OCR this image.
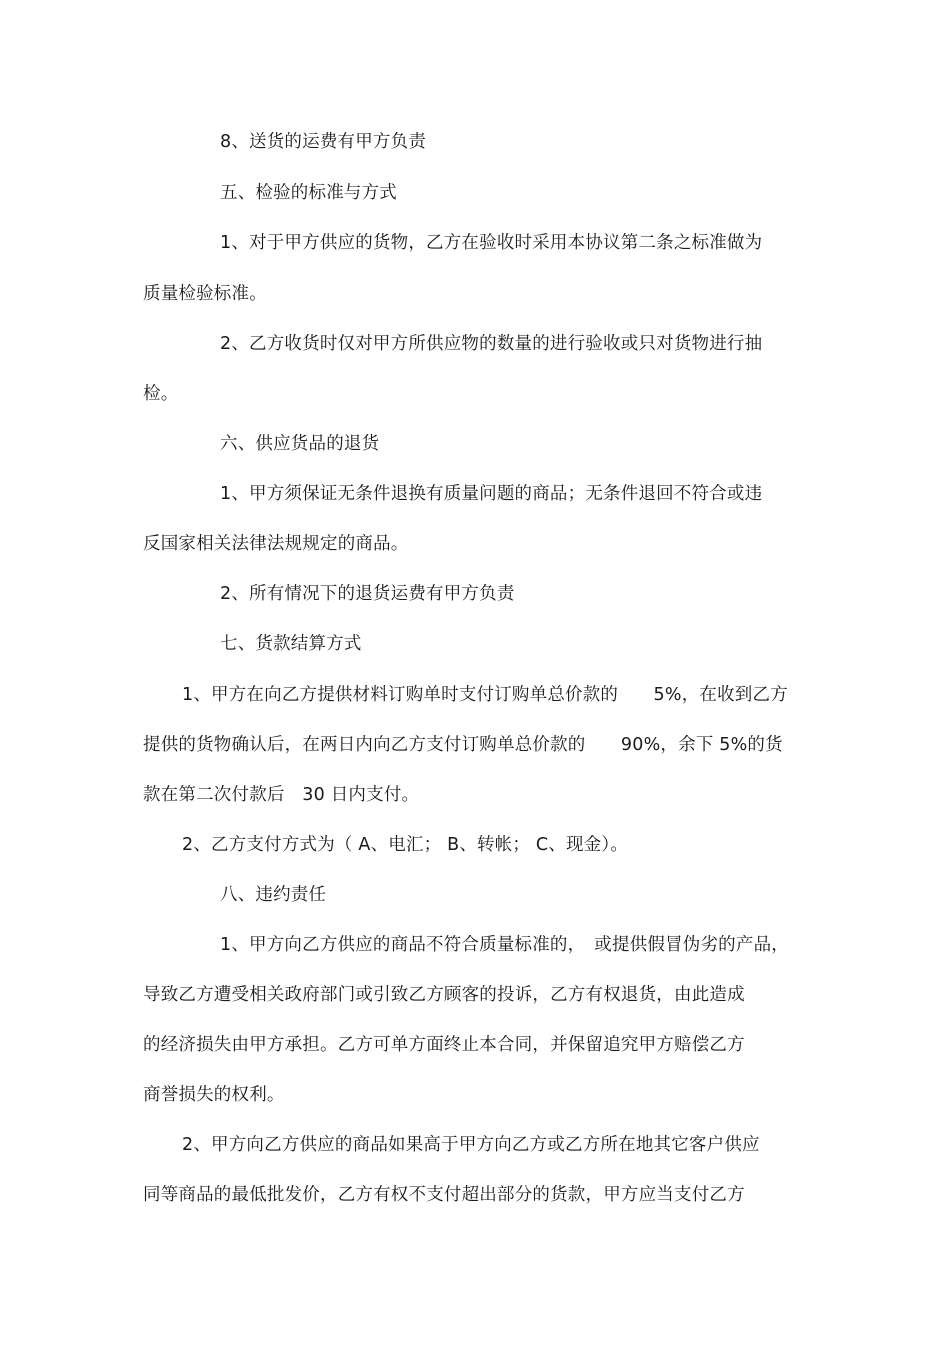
8、送货的运费有甲方负责
五、检验的标准与方式
1、对于甲方供应的货物，乙方在验收时采用本协议第二条之标准做为
质量检验标准。
2、乙方收货时仅对甲方所供应物的数量的进行验收或只对货物进行抽
检。
六、供应货品的退货
1、甲方须保证无条件退换有质量问题的商品；无条件退回不符合或违
反国家相关法律法规规定的商品。
2、所有情况下的退货运费有甲方负责
七、货款结算方式
1、甲方在向乙方提供材料订购单时支付订购单总价款的　　5%，在收到乙方
提供的货物确认后，在两日内向乙方支付订购单总价款的　　90%，余下 5%的货
款在第二次付款后　30 日内支付。
2、乙方支付方式为（ A、电汇； B、转帐； C、现金）。
八、违约责任
1、甲方向乙方供应的商品不符合质量标准的，　或提供假冒伪劣的产品，
导致乙方遭受相关政府部门或引致乙方顾客的投诉，乙方有权退货，由此造成
的经济损失由甲方承担。乙方可单方面终止本合同，并保留追究甲方赔偿乙方
商誉损失的权利。
2、甲方向乙方供应的商品如果高于甲方向乙方或乙方所在地其它客户供应
同等商品的最低批发价，乙方有权不支付超出部分的货款，甲方应当支付乙方
